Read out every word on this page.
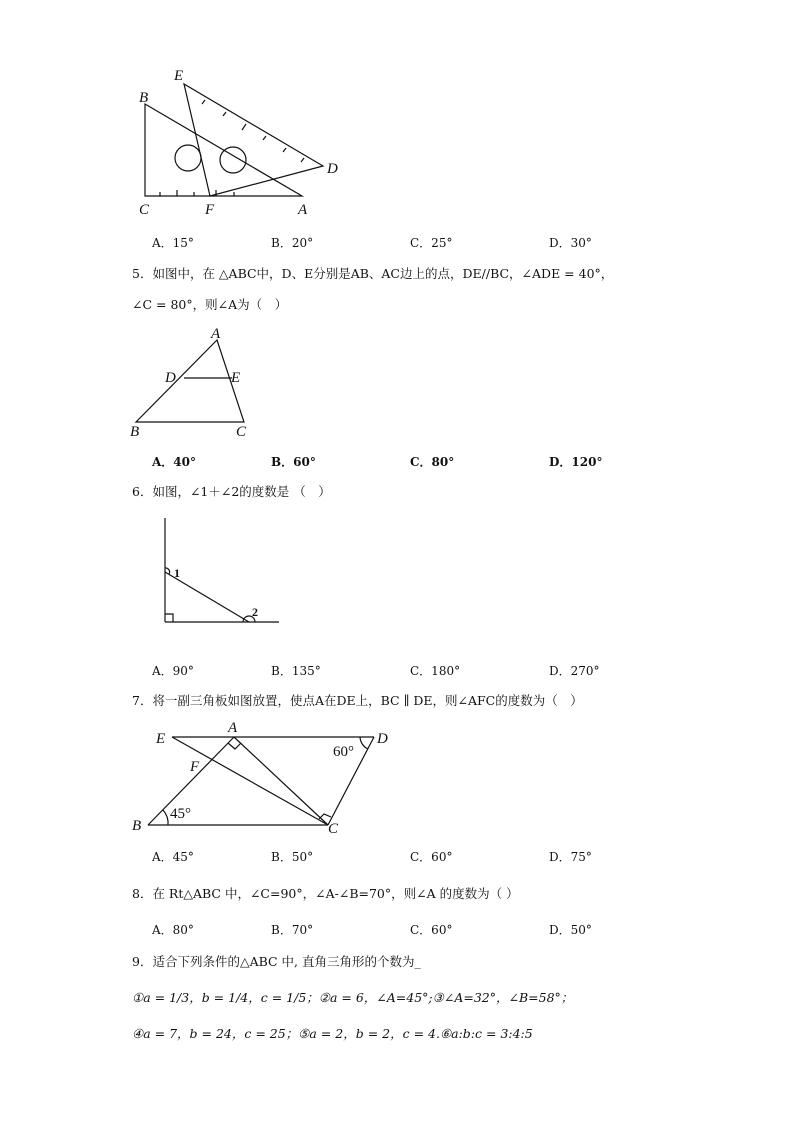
E
B
D
C	F	A
A．15°	B．20°	C．25°	D．30°
5．如图中，在 △ABC中，D、E分别是AB、AC边上的点，DE//BC，∠ADE = 40°，
∠C = 80°，则∠A为（　）
A
D	E
B	C
A．40°	B．60°	C．80°	D．120°
6．如图，∠1＋∠2的度数是 （　）
1
2
A．90°	B．135°	C．180°	D．270°
7．将一副三角板如图放置，使点A在DE上，BC ∥ DE，则∠AFC的度数为（　）
E
A
D
F
B	C
60°
45°
A．45°	B．50°	C．60°	D．75°
8．在 Rt△ABC 中，∠C=90°，∠A-∠B=70°，则∠A 的度数为（ ）
A．80°	B．70°	C．60°	D．50°
9．适合下列条件的△ABC 中, 直角三角形的个数为_
①a = 1/3，b = 1/4，c = 1/5；②a = 6，∠A=45°;③∠A=32°，∠B=58°；
④a = 7，b = 24，c = 25；⑤a = 2，b = 2，c = 4.⑥a:b:c = 3:4:5
